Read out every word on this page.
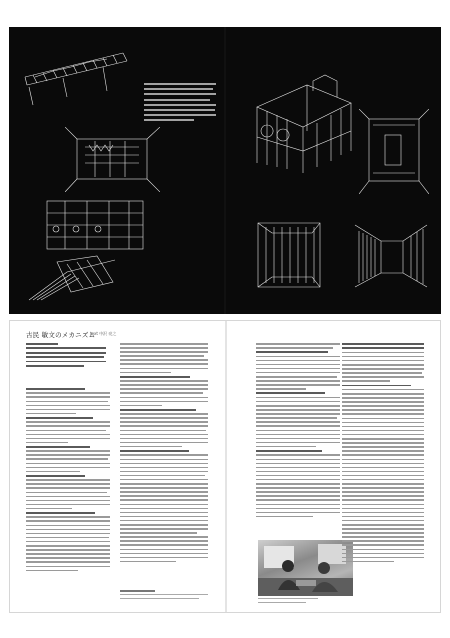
古民 敏文のメカニズム
text 中沢 亮之
